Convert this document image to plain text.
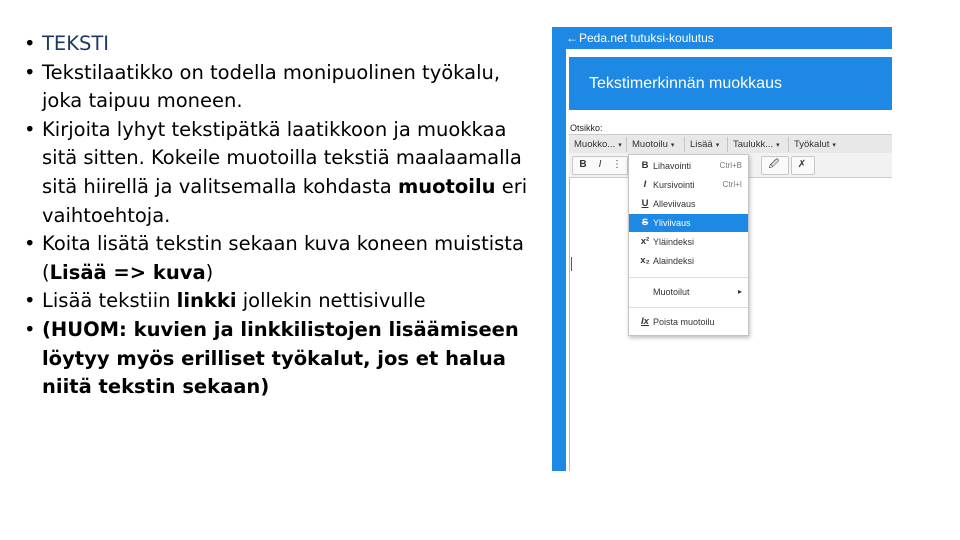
• TEKSTI
• Tekstilaatikko on todella monipuolinen työkalu, joka taipuu moneen.
• Kirjoita lyhyt tekstipätkä laatikkoon ja muokkaa sitä sitten. Kokeile muotoilla tekstiä maalaamalla sitä hiirellä ja valitsemalla kohdasta muotoilu eri vaihtoehtoja.
• Koita lisätä tekstin sekaan kuva koneen muistista (Lisää => kuva)
• Lisää tekstiin linkki jollekin nettisivulle
• (HUOM: kuvien ja linkkilistojen lisäämiseen löytyy myös erilliset työkalut, jos et halua niitä tekstin sekaan)
← Peda.net tutuksi-koulutus
Tekstimerkinnän muokkaus
Otsikko:
Muokko... ▾ Muotoilu ▾ Lisää ▾ Taulukk... ▾ Työkalut ▾
B	I	⋮	🖉	✗
B Lihavointi	Ctrl+B
I Kursivointi	Ctrl+I
U Alleviivaus
S Yliviivaus
x² Yläindeksi
x₂ Alaindeksi
Muotoilut	▸
Ix Poista muotoilu
